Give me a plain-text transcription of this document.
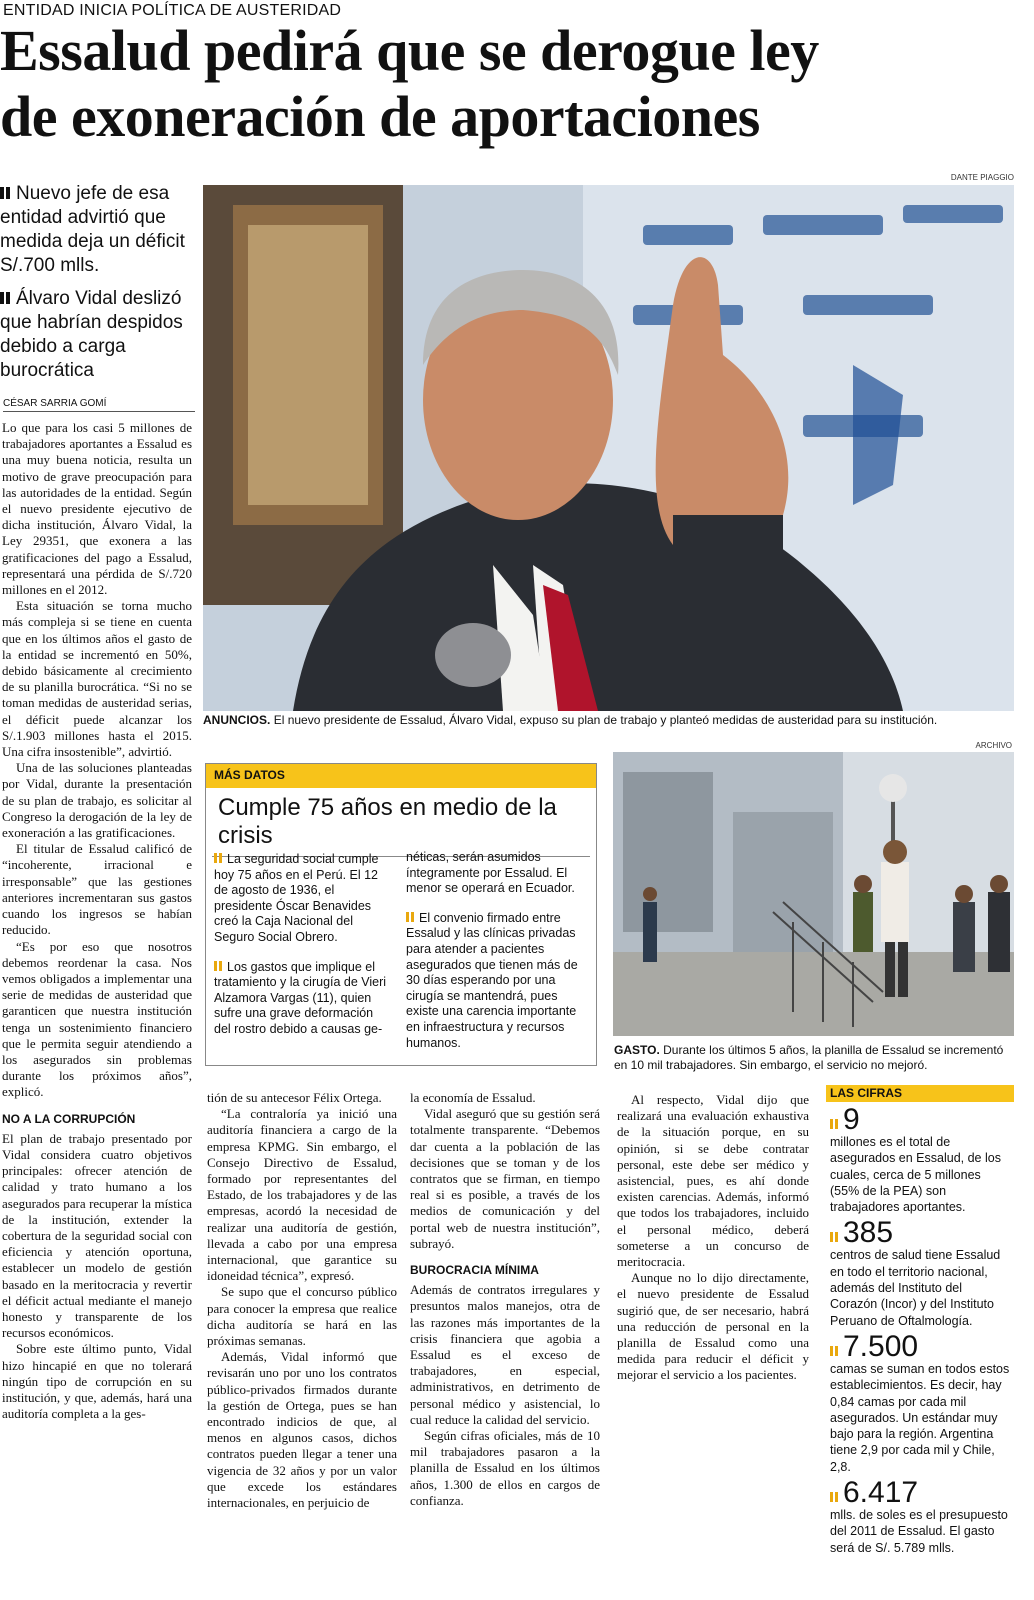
ENTIDAD INICIA POLÍTICA DE AUSTERIDAD
Essalud pedirá que se derogue ley
de exoneración de aportaciones
Nuevo jefe de esa entidad advirtió que medida deja un déficit S/.700 mlls.
Álvaro Vidal deslizó que habrían despidos debido a carga burocrática
CÉSAR SARRIA GOMÍ

Lo que para los casi 5 millones de trabajadores aportantes a Essalud es una muy buena noticia, resulta un motivo de grave preocupación para las autoridades de la entidad. Según el nuevo presidente ejecutivo de dicha institución, Álvaro Vidal, la Ley 29351, que exonera a las gratificaciones del pago a Essalud, representará una pérdida de S/.720 millones en el 2012.

Esta situación se torna mucho más compleja si se tiene en cuenta que en los últimos años el gasto de la entidad se incrementó en 50%, debido básicamente al crecimiento de su planilla burocrática. “Si no se toman medidas de austeridad serias, el déficit puede alcanzar los S/.1.903 millones hasta el 2015. Una cifra insostenible”, advirtió.

Una de las soluciones planteadas por Vidal, durante la presentación de su plan de trabajo, es solicitar al Congreso la derogación de la ley de exoneración a las gratificaciones.

El titular de Essalud calificó de “incoherente, irracional e irresponsable” que las gestiones anteriores incrementaran sus gastos cuando los ingresos se habían reducido.

“Es por eso que nosotros debemos reordenar la casa. Nos vemos obligados a implementar una serie de medidas de austeridad que garanticen que nuestra institución tenga un sostenimiento financiero que le permita seguir atendiendo a los asegurados sin problemas durante los próximos años”, explicó.

NO A LA CORRUPCIÓN

El plan de trabajo presentado por Vidal considera cuatro objetivos principales: ofrecer atención de calidad y trato humano a los asegurados para recuperar la mística de la institución, extender la cobertura de la seguridad social con eficiencia y atención oportuna, establecer un modelo de gestión basado en la meritocracia y revertir el déficit actual mediante el manejo honesto y transparente de los recursos económicos.

Sobre este último punto, Vidal hizo hincapié en que no tolerará ningún tipo de corrupción en su institución, y que, además, hará una auditoría completa a la ges-

DANTE PIAGGIO
ANUNCIOS. El nuevo presidente de Essalud, Álvaro Vidal, expuso su plan de trabajo y planteó medidas de austeridad para su institución.
MÁS DATOS
Cumple 75 años en medio de la crisis
La seguridad social cumple hoy 75 años en el Perú. El 12 de agosto de 1936, el presidente Óscar Benavides creó la Caja Nacional del Seguro Social Obrero.
Los gastos que implique el tratamiento y la cirugía de Vieri Alzamora Vargas (11), quien sufre una grave deformación del rostro debido a causas ge-
néticas, serán asumidos íntegramente por Essalud. El menor se operará en Ecuador.
El convenio firmado entre Essalud y las clínicas privadas para atender a pacientes asegurados que tienen más de 30 días esperando por una cirugía se mantendrá, pues existe una carencia importante en infraestructura y recursos humanos.
ARCHIVO
GASTO. Durante los últimos 5 años, la planilla de Essalud se incrementó en 10 mil trabajadores. Sin embargo, el servicio no mejoró.

tión de su antecesor Félix Ortega.

“La contraloría ya inició una auditoría financiera a cargo de la empresa KPMG. Sin embargo, el Consejo Directivo de Essalud, formado por representantes del Estado, de los trabajadores y de las empresas, acordó la necesidad de realizar una auditoría de gestión, llevada a cabo por una empresa internacional, que garantice su idoneidad técnica”, expresó.

Se supo que el concurso público para conocer la empresa que realice dicha auditoría se hará en las próximas semanas.

Además, Vidal informó que revisarán uno por uno los contratos público-privados firmados durante la gestión de Ortega, pues se han encontrado indicios de que, al menos en algunos casos, dichos contratos pueden llegar a tener una vigencia de 32 años y por un valor que excede los estándares internacionales, en perjuicio de

la economía de Essalud.

Vidal aseguró que su gestión será totalmente transparente. “Debemos dar cuenta a la población de las decisiones que se toman y de los contratos que se firman, en tiempo real si es posible, a través de los medios de comunicación y del portal web de nuestra institución”, subrayó.

BUROCRACIA MÍNIMA

Además de contratos irregulares y presuntos malos manejos, otra de las razones más importantes de la crisis financiera que agobia a Essalud es el exceso de trabajadores, en especial, administrativos, en detrimento de personal médico y asistencial, lo cual reduce la calidad del servicio.

Según cifras oficiales, más de 10 mil trabajadores pasaron a la planilla de Essalud en los últimos años, 1.300 de ellos en cargos de confianza.

Al respecto, Vidal dijo que realizará una evaluación exhaustiva de la situación porque, en su opinión, si se debe contratar personal, este debe ser médico y asistencial, pues, es ahí donde existen carencias. Además, informó que todos los trabajadores, incluido el personal médico, deberá someterse a un concurso de meritocracia.

Aunque no lo dijo directamente, el nuevo presidente de Essalud sugirió que, de ser necesario, habrá una reducción de personal en la planilla de Essalud como una medida para reducir el déficit y mejorar el servicio a los pacientes.

LAS CIFRAS
9
millones es el total de asegurados en Essalud, de los cuales, cerca de 5 millones (55% de la PEA) son trabajadores aportantes.
385
centros de salud tiene Essalud en todo el territorio nacional, además del Instituto del Corazón (Incor) y del Instituto Peruano de Oftalmología.
7.500
camas se suman en todos estos establecimientos. Es decir, hay 0,84 camas por cada mil asegurados. Un estándar muy bajo para la región. Argentina tiene 2,9 por cada mil y Chile, 2,8.
6.417
mlls. de soles es el presupuesto del 2011 de Essalud. El gasto será de S/. 5.789 mlls.
